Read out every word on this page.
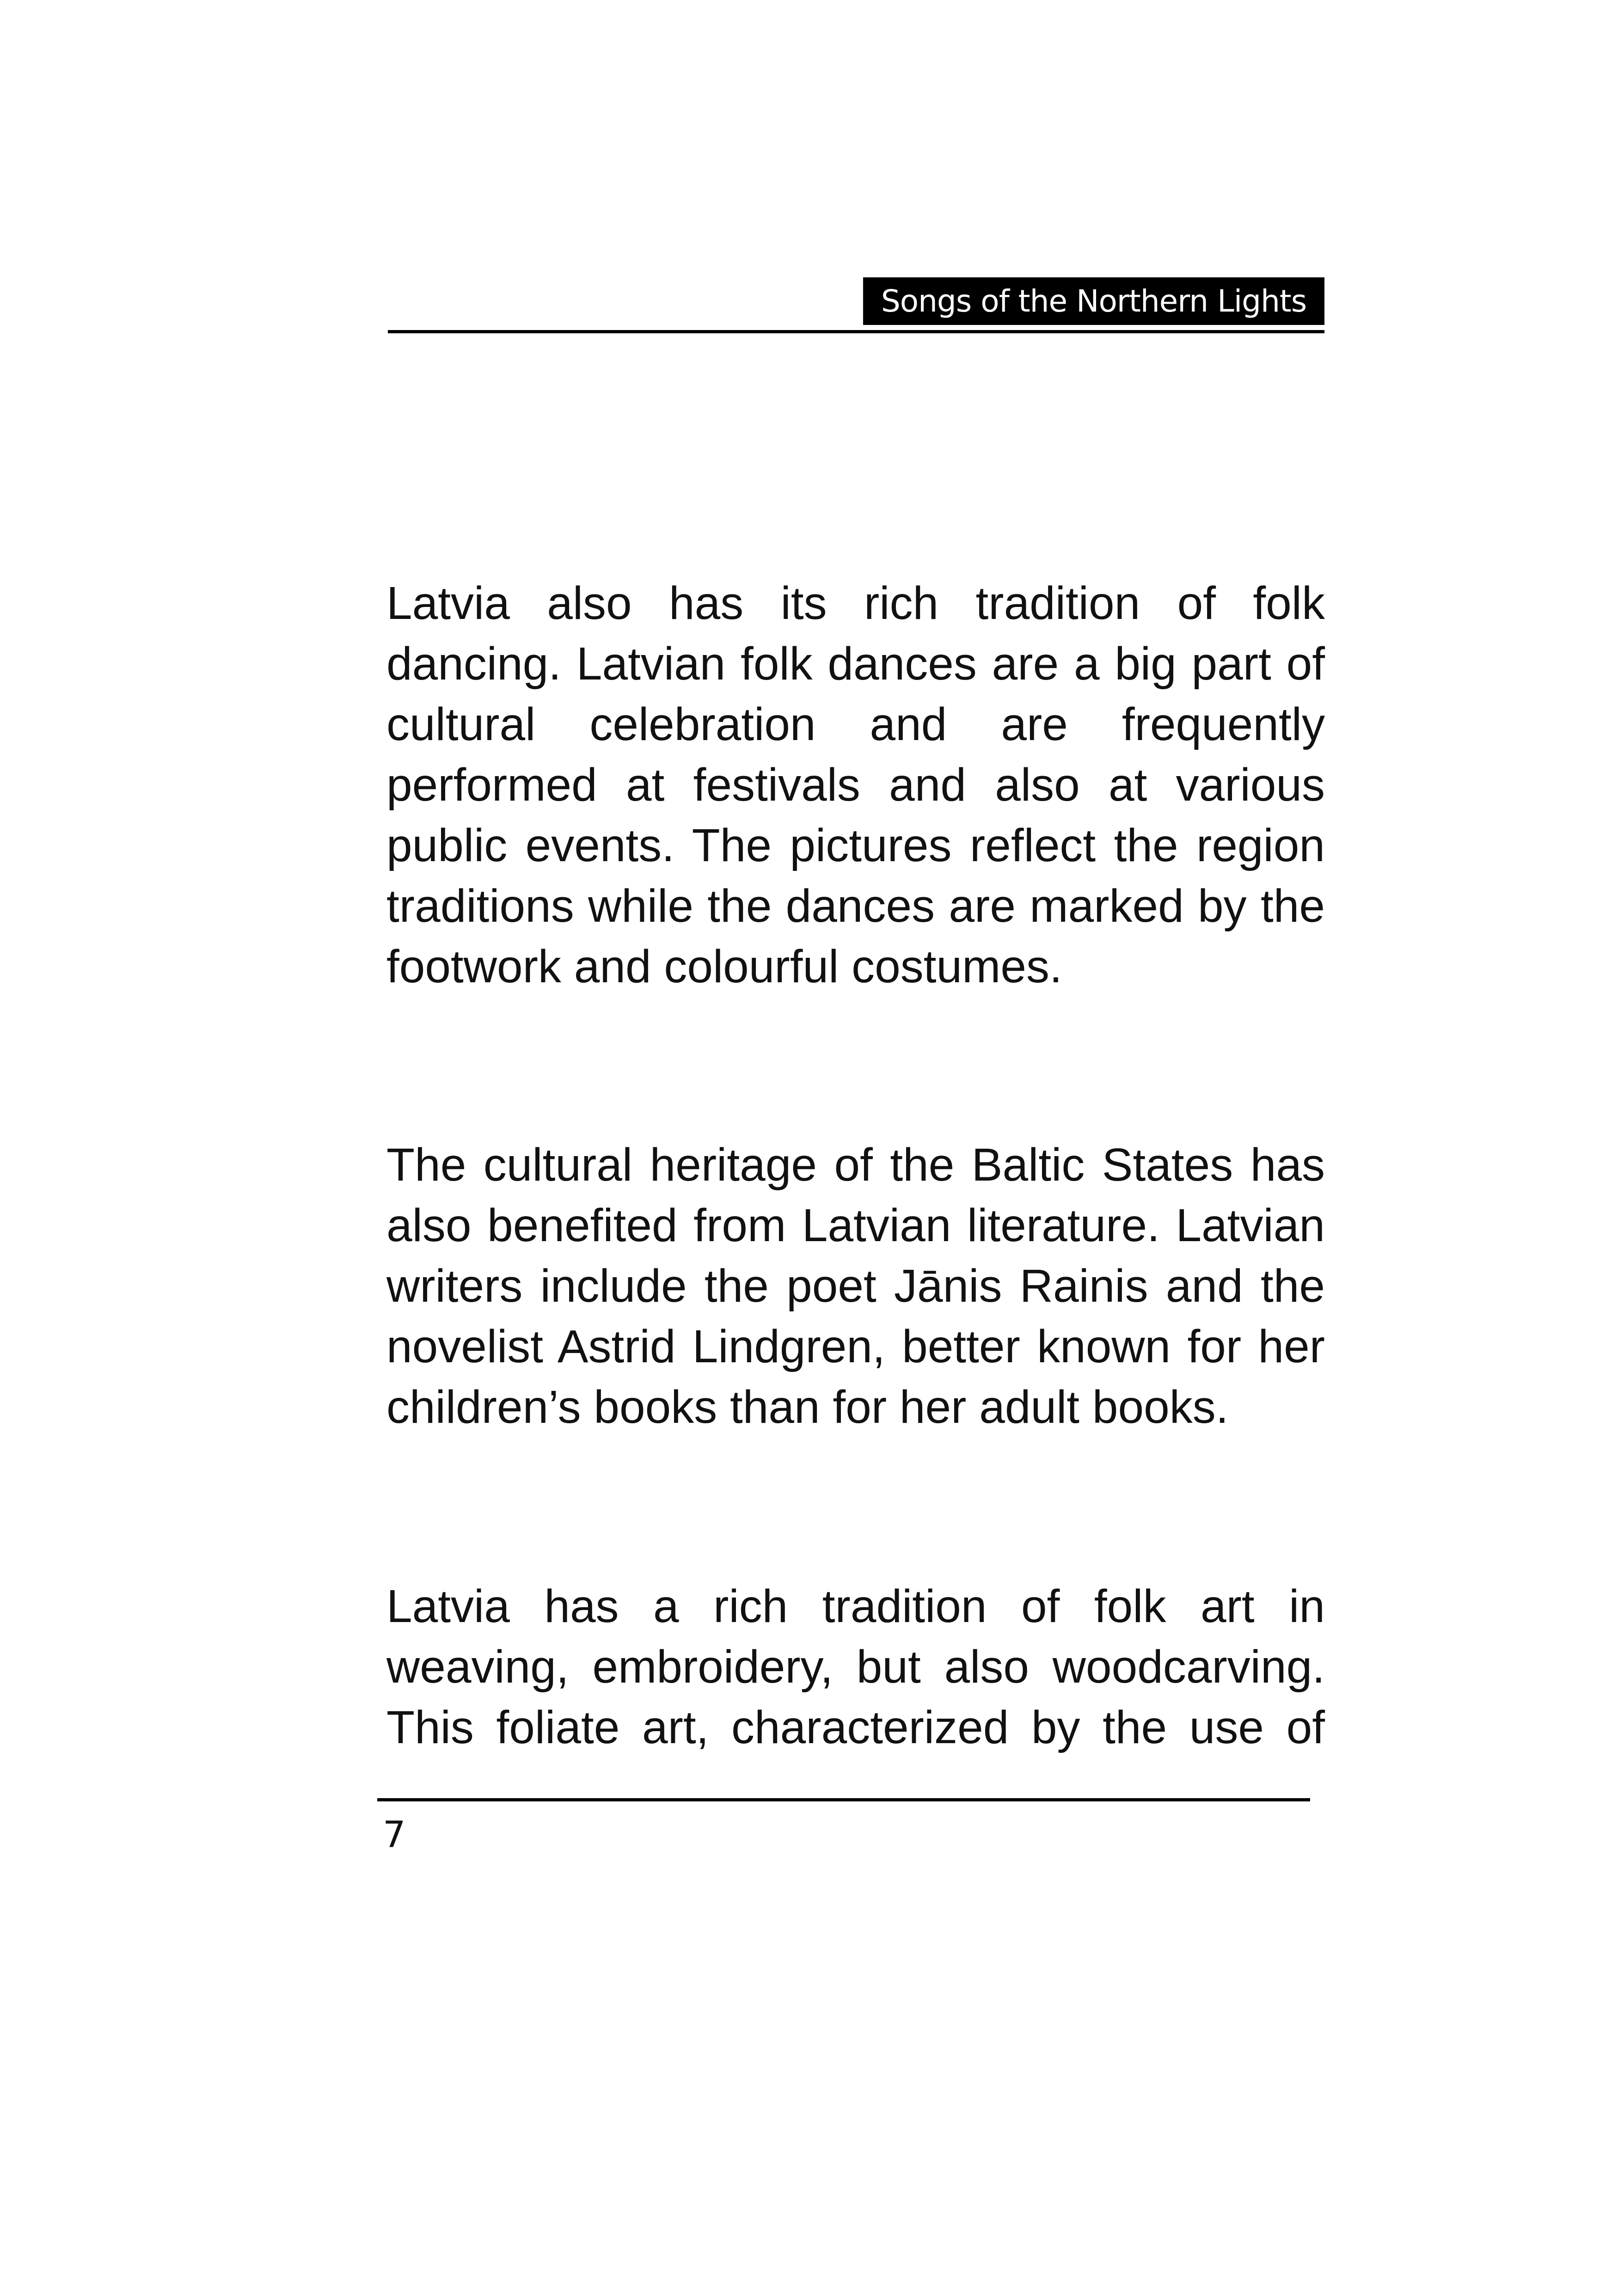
Songs of the Northern Lights
Latvia also has its rich tradition of folk
dancing. Latvian folk dances are a big part of
cultural celebration and are frequently
performed at festivals and also at various
public events. The pictures reflect the region
traditions while the dances are marked by the
footwork and colourful costumes.
The cultural heritage of the Baltic States has
also benefited from Latvian literature. Latvian
writers include the poet Jānis Rainis and the
novelist Astrid Lindgren, better known for her
children’s books than for her adult books.
Latvia has a rich tradition of folk art in
weaving, embroidery, but also woodcarving.
This foliate art, characterized by the use of
7
